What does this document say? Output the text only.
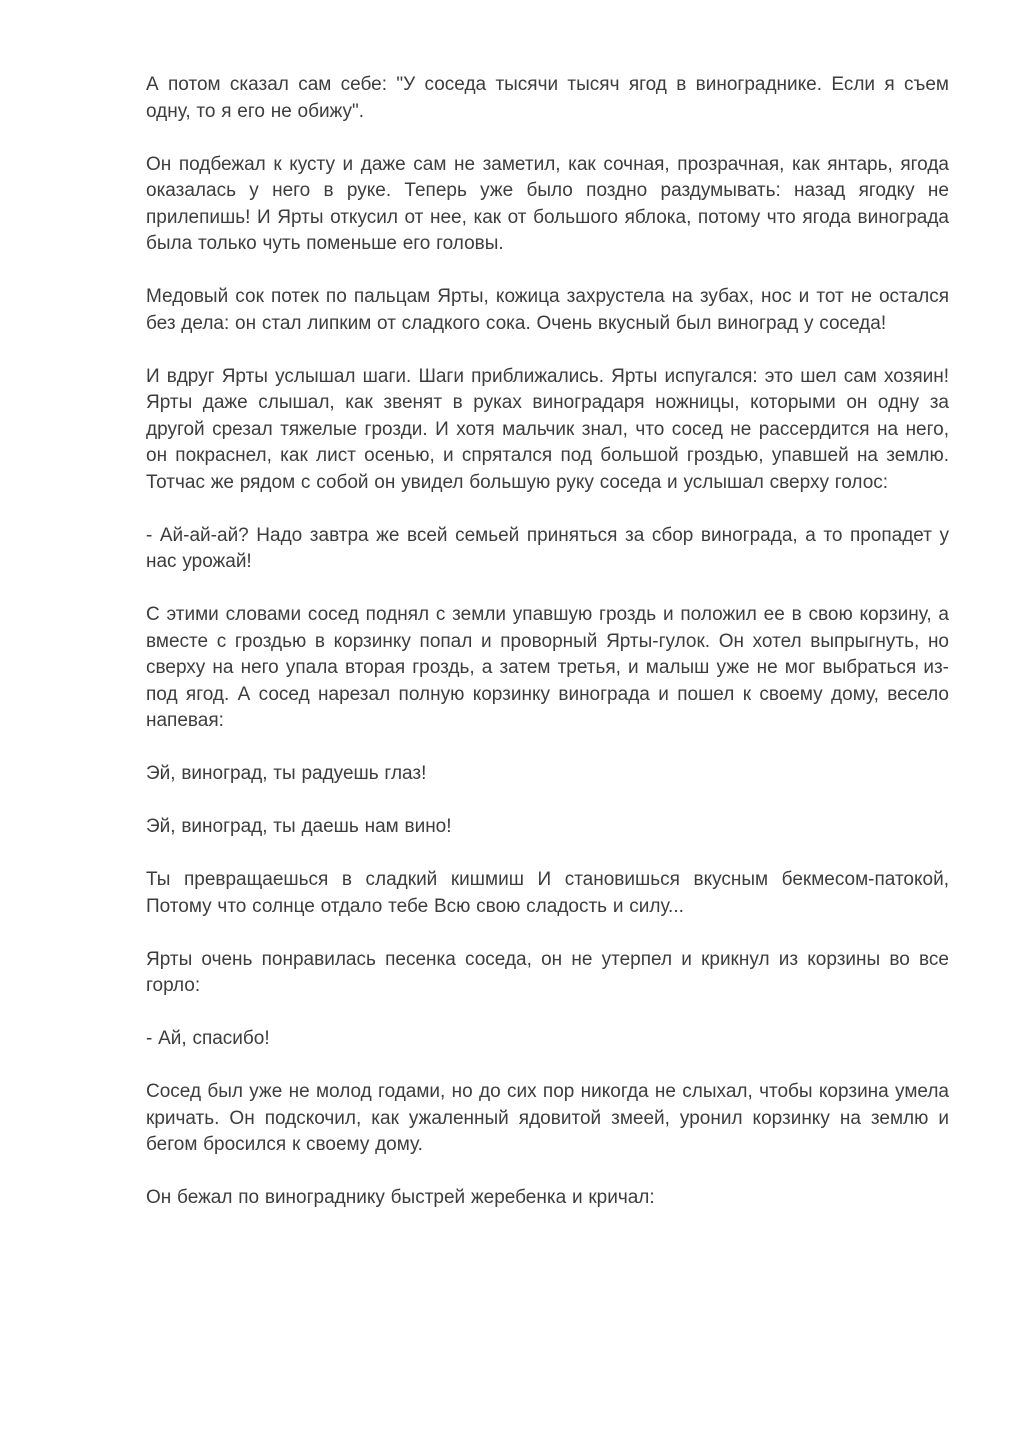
А потом сказал сам себе: "У соседа тысячи тысяч ягод в винограднике. Если я съем одну, то я его не обижу".

Он подбежал к кусту и даже сам не заметил, как сочная, прозрачная, как янтарь, ягода оказалась у него в руке. Теперь уже было поздно раздумывать: назад ягодку не прилепишь! И Ярты откусил от нее, как от большого яблока, потому что ягода винограда была только чуть поменьше его головы.

Медовый сок потек по пальцам Ярты, кожица захрустела на зубах, нос и тот не остался без дела: он стал липким от сладкого сока. Очень вкусный был виноград у соседа!

И вдруг Ярты услышал шаги. Шаги приближались. Ярты испугался: это шел сам хозяин! Ярты даже слышал, как звенят в руках виноградаря ножницы, которыми он одну за другой срезал тяжелые грозди. И хотя мальчик знал, что сосед не рассердится на него, он покраснел, как лист осенью, и спрятался под большой гроздью, упавшей на землю. Тотчас же рядом с собой он увидел большую руку соседа и услышал сверху голос:

- Ай-ай-ай? Надо завтра же всей семьей приняться за сбор винограда, а то пропадет у нас урожай!

С этими словами сосед поднял с земли упавшую гроздь и положил ее в свою корзину, а вместе с гроздью в корзинку попал и проворный Ярты-гулок. Он хотел выпрыгнуть, но сверху на него упала вторая гроздь, а затем третья, и малыш уже не мог выбраться из-под ягод. А сосед нарезал полную корзинку винограда и пошел к своему дому, весело напевая:

Эй, виноград, ты радуешь глаз!

Эй, виноград, ты даешь нам вино!

Ты превращаешься в сладкий кишмиш И становишься вкусным бекмесом-патокой, Потому что солнце отдало тебе Всю свою сладость и силу...

Ярты очень понравилась песенка соседа, он не утерпел и крикнул из корзины во все горло:

- Ай, спасибо!

Сосед был уже не молод годами, но до сих пор никогда не слыхал, чтобы корзина умела кричать. Он подскочил, как ужаленный ядовитой змеей, уронил корзинку на землю и бегом бросился к своему дому.

Он бежал по винограднику быстрей жеребенка и кричал:
